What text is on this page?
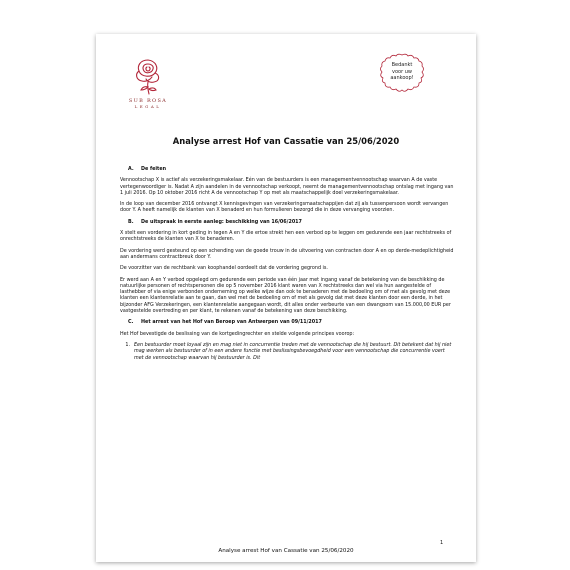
SUB ROSA
LEGAL
Bedankt
voor uw
aankoop!
Analyse arrest Hof van Cassatie van 25/06/2020
A.	De feiten

Vennootschap X is actief als verzekeringsmakelaar. Eén van de bestuurders is een managementvennootschap waarvan A de vaste vertegenwoordiger is. Nadat A zijn aandelen in de vennootschap verkoopt, neemt de managementvennootschap ontslag met ingang van 1 juli 2016. Op 10 oktober 2016 richt A de vennootschap Y op met als maatschappelijk doel verzekeringsmakelaar.

In de loop van december 2016 ontvangt X kennisgevingen van verzekeringsmaatschappijen dat zij als tussenpersoon wordt vervangen door Y. A heeft namelijk de klanten van X benaderd en hun formulieren bezorgd die in deze vervanging voorzien.

B.	De uitspraak in eerste aanleg: beschikking van 16/06/2017

X stelt een vordering in kort geding in tegen A en Y die ertoe strekt hen een verbod op te leggen om gedurende een jaar rechtstreeks of onrechtstreeks de klanten van X te benaderen.

De vordering werd gesteund op een schending van de goede trouw in de uitvoering van contracten door A en op derde-medeplichtigheid aan andermans contractbreuk door Y.

De voorzitter van de rechtbank van koophandel oordeelt dat de vordering gegrond is.

Er werd aan A en Y verbod opgelegd om gedurende een periode van één jaar met ingang vanaf de betekening van de beschikking de natuurlijke personen of rechtspersonen die op 5 november 2016 klant waren van X rechtstreeks dan wel via hun aangestelde of lasthebber of via enige verbonden onderneming op welke wijze dan ook te benaderen met de bedoeling om of met als gevolg met deze klanten een klantenrelatie aan te gaan, dan wel met de bedoeling om of met als gevolg dat met deze klanten door een derde, in het bijzonder AFG Verzekeringen, een klantenrelatie aangegaan wordt, dit alles onder verbeurte van een dwangsom van 15.000,00 EUR per vastgestelde overtreding en per klant, te rekenen vanaf de betekening van deze beschikking.

C.	Het arrest van het Hof van Beroep van Antwerpen van 09/11/2017

Het Hof bevestigde de beslissing van de kortgedingrechter en stelde volgende principes voorop:

1. Een bestuurder moet loyaal zijn en mag niet in concurrentie treden met de vennootschap die hij bestuurt. Dit betekent dat hij niet mag werken als bestuurder of in een andere functie met beslissingsbevoegdheid voor een vennootschap die concurrentie voert met de vennootschap waarvan hij bestuurder is. Dit
1
Analyse arrest Hof van Cassatie van 25/06/2020
